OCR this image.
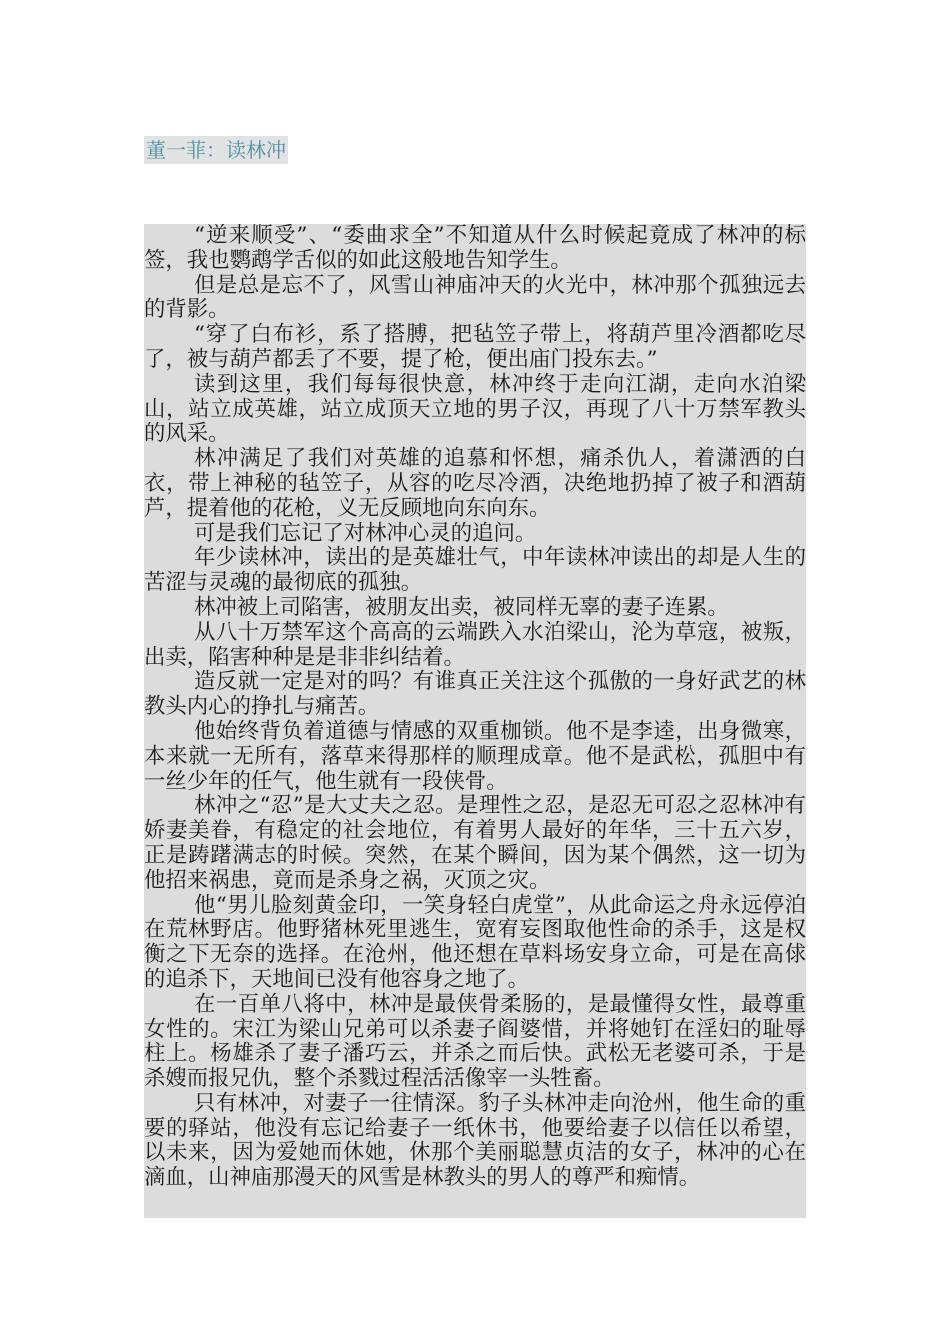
董一菲：读林冲

“逆来顺受”、“委曲求全”不知道从什么时候起竟成了林冲的标签，我也鹦鹉学舌似的如此这般地告知学生。

但是总是忘不了，风雪山神庙冲天的火光中，林冲那个孤独远去的背影。

“穿了白布衫，系了搭膊，把毡笠子带上，将葫芦里冷酒都吃尽了，被与葫芦都丢了不要，提了枪，便出庙门投东去。”

读到这里，我们每每很快意，林冲终于走向江湖，走向水泊梁山，站立成英雄，站立成顶天立地的男子汉，再现了八十万禁军教头的风采。

林冲满足了我们对英雄的追慕和怀想，痛杀仇人，着潇洒的白衣，带上神秘的毡笠子，从容的吃尽冷酒，决绝地扔掉了被子和酒葫芦，提着他的花枪，义无反顾地向东向东。

可是我们忘记了对林冲心灵的追问。

年少读林冲，读出的是英雄壮气，中年读林冲读出的却是人生的苦涩与灵魂的最彻底的孤独。

林冲被上司陷害，被朋友出卖，被同样无辜的妻子连累。

从八十万禁军这个高高的云端跌入水泊梁山，沦为草寇，被叛，出卖，陷害种种是是非非纠结着。

造反就一定是对的吗？有谁真正关注这个孤傲的一身好武艺的林教头内心的挣扎与痛苦。

他始终背负着道德与情感的双重枷锁。他不是李逵，出身微寒，本来就一无所有，落草来得那样的顺理成章。他不是武松，孤胆中有一丝少年的任气，他生就有一段侠骨。

林冲之“忍”是大丈夫之忍。是理性之忍，是忍无可忍之忍林冲有娇妻美眷，有稳定的社会地位，有着男人最好的年华，三十五六岁，正是踌躇满志的时候。突然，在某个瞬间，因为某个偶然，这一切为他招来祸患，竟而是杀身之祸，灭顶之灾。

他“男儿脸刻黄金印，一笑身轻白虎堂”，从此命运之舟永远停泊在荒林野店。他野猪林死里逃生，宽宥妄图取他性命的杀手，这是权衡之下无奈的选择。在沧州，他还想在草料场安身立命，可是在高俅的追杀下，天地间已没有他容身之地了。

在一百单八将中，林冲是最侠骨柔肠的，是最懂得女性，最尊重女性的。宋江为梁山兄弟可以杀妻子阎婆惜，并将她钉在淫妇的耻辱柱上。杨雄杀了妻子潘巧云，并杀之而后快。武松无老婆可杀，于是杀嫂而报兄仇，整个杀戮过程活活像宰一头牲畜。

只有林冲，对妻子一往情深。豹子头林冲走向沧州，他生命的重要的驿站，他没有忘记给妻子一纸休书，他要给妻子以信任以希望，以未来，因为爱她而休她，休那个美丽聪慧贞洁的女子，林冲的心在滴血，山神庙那漫天的风雪是林教头的男人的尊严和痴情。
